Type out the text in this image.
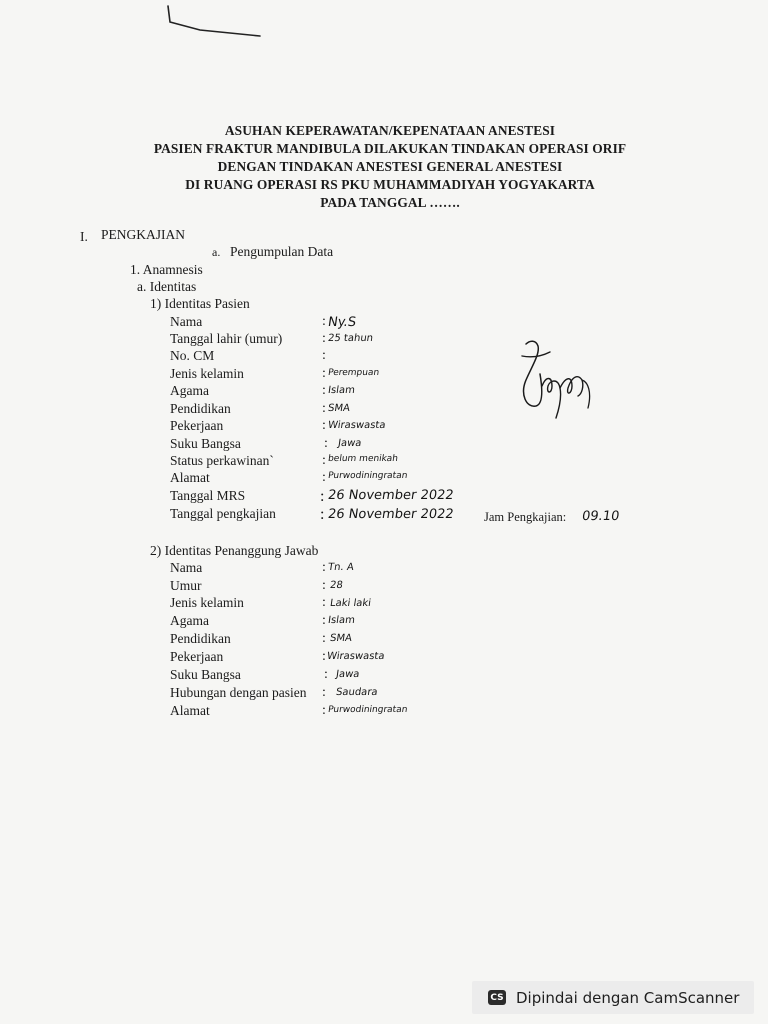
ASUHAN KEPERAWATAN/KEPENATAAN ANESTESI
PASIEN FRAKTUR MANDIBULA DILAKUKAN TINDAKAN OPERASI ORIF
DENGAN TINDAKAN ANESTESI GENERAL ANESTESI
DI RUANG OPERASI RS PKU MUHAMMADIYAH YOGYAKARTA
PADA TANGGAL …….
I. PENGKAJIAN
a. Pengumpulan Data
1. Anamnesis
a. Identitas
1) Identitas Pasien
Nama	: Ny.S
Tanggal lahir (umur)	: 25 tahun
No. CM	:
Jenis kelamin	: Perempuan
Agama	: Islam
Pendidikan	: SMA
Pekerjaan	: Wiraswasta
Suku Bangsa	: Jawa
Status perkawinan`	: belum menikah
Alamat	: Purwodiningratan
Tanggal MRS	: 26 November 2022
Tanggal pengkajian	: 26 November 2022 Jam Pengkajian: 09.10
2) Identitas Penanggung Jawab
Nama	: Tn. A
Umur	: 28
Jenis kelamin	: Laki laki
Agama	: Islam
Pendidikan	: SMA
Pekerjaan	: Wiraswasta
Suku Bangsa	: Jawa
Hubungan dengan pasien : Saudara
Alamat	: Purwodiningratan
CS Dipindai dengan CamScanner
